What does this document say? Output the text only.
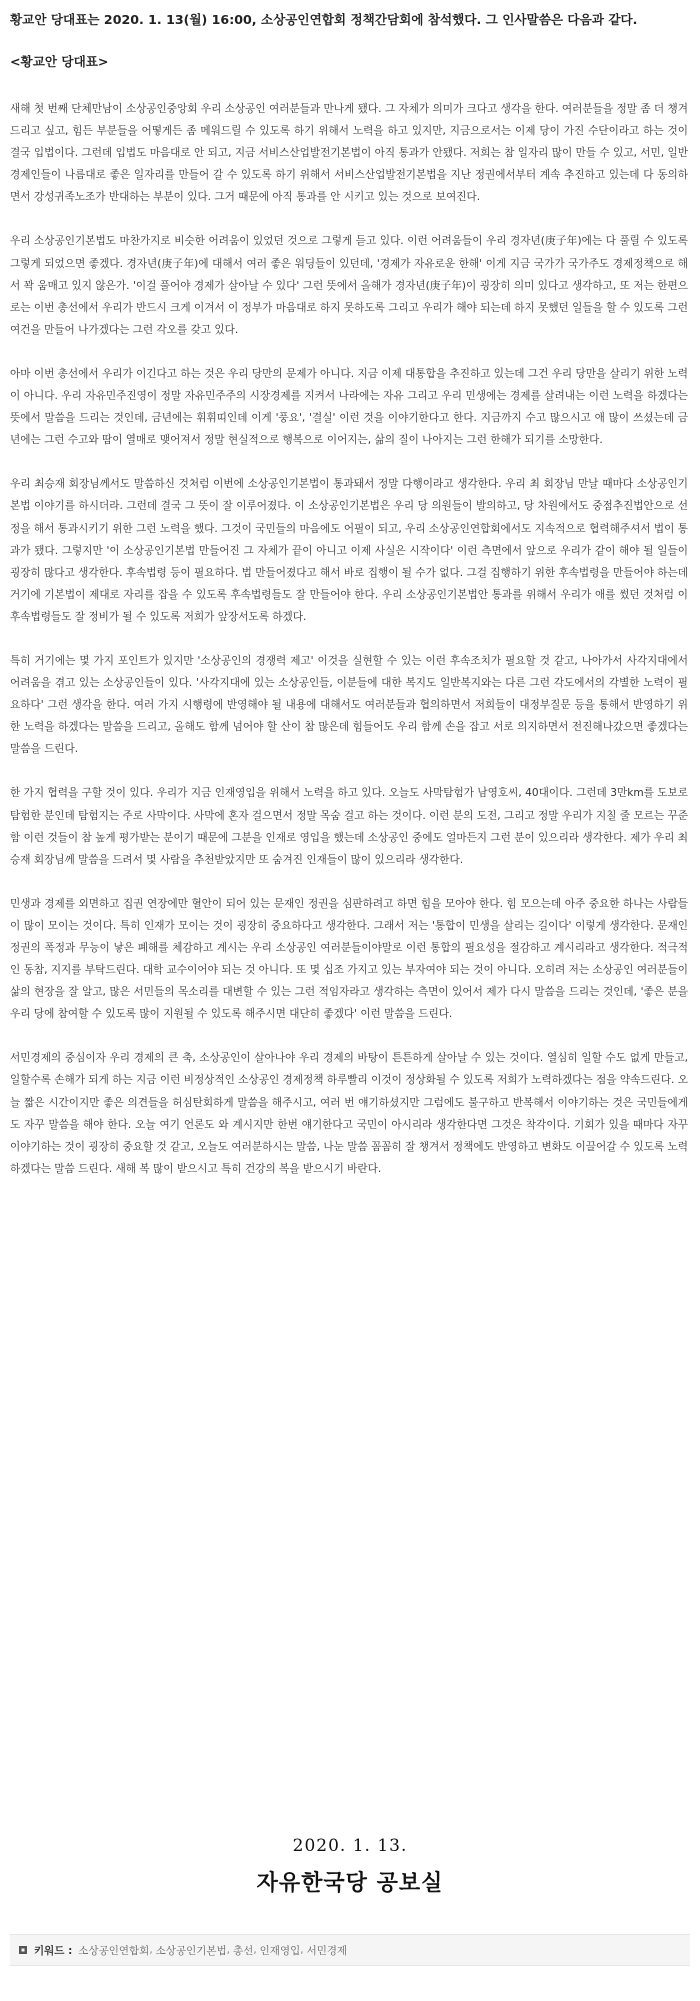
황교안 당대표는 2020. 1. 13(월) 16:00, 소상공인연합회 정책간담회에 참석했다. 그 인사말씀은 다음과 같다.

<황교안 당대표>

새해 첫 번째 단체만남이 소상공인중앙회 우리 소상공인 여러분들과 만나게 됐다. 그 자체가 의미가 크다고 생각을 한다. 여러분들을 정말 좀 더 챙겨드리고 싶고, 힘든 부분들을 어떻게든 좀 메워드릴 수 있도록 하기 위해서 노력을 하고 있지만, 지금으로서는 이제 당이 가진 수단이라고 하는 것이 결국 입법이다. 그런데 입법도 마음대로 안 되고, 지금 서비스산업발전기본법이 아직 통과가 안됐다. 저희는 참 일자리 많이 만들 수 있고, 서민, 일반 경제인들이 나름대로 좋은 일자리를 만들어 갈 수 있도록 하기 위해서 서비스산업발전기본법을 지난 정권에서부터 계속 추진하고 있는데 다 동의하면서 강성귀족노조가 반대하는 부분이 있다. 그거 때문에 아직 통과를 안 시키고 있는 것으로 보여진다.

우리 소상공인기본법도 마찬가지로 비슷한 어려움이 있었던 것으로 그렇게 듣고 있다. 이런 어려움들이 우리 경자년(庚子年)에는 다 풀릴 수 있도록 그렇게 되었으면 좋겠다. 경자년(庚子年)에 대해서 여러 좋은 워딩들이 있던데, '경제가 자유로운 한해' 이게 지금 국가가 국가주도 경제정책으로 해서 꽉 움매고 있지 않은가. '이걸 풀어야 경제가 살아날 수 있다' 그런 뜻에서 올해가 경자년(庚子年)이 굉장히 의미 있다고 생각하고, 또 저는 한편으로는 이번 총선에서 우리가 반드시 크게 이겨서 이 정부가 마음대로 하지 못하도록 그리고 우리가 해야 되는데 하지 못했던 일들을 할 수 있도록 그런 여건을 만들어 나가겠다는 그런 각오를 갖고 있다.

아마 이번 총선에서 우리가 이긴다고 하는 것은 우리 당만의 문제가 아니다. 지금 이제 대통합을 추진하고 있는데 그건 우리 당만을 살리기 위한 노력이 아니다. 우리 자유민주진영이 정말 자유민주주의 시장경제를 지켜서 나라에는 자유 그리고 우리 민생에는 경제를 살려내는 이런 노력을 하겠다는 뜻에서 말씀을 드리는 것인데, 금년에는 휘휘띠인데 이게 '풍요', '결실' 이런 것을 이야기한다고 한다. 지금까지 수고 많으시고 애 많이 쓰셨는데 금년에는 그런 수고와 땀이 열매로 맺어져서 정말 현실적으로 행복으로 이어지는, 삶의 질이 나아지는 그런 한해가 되기를 소망한다.

우리 최승재 회장님께서도 말씀하신 것처럼 이번에 소상공인기본법이 통과돼서 정말 다행이라고 생각한다. 우리 최 회장님 만날 때마다 소상공인기본법 이야기를 하시더라. 그런데 결국 그 뜻이 잘 이루어졌다. 이 소상공인기본법은 우리 당 의원들이 발의하고, 당 차원에서도 중점추진법안으로 선정을 해서 통과시키기 위한 그런 노력을 했다. 그것이 국민들의 마음에도 어필이 되고, 우리 소상공인연합회에서도 지속적으로 협력해주셔서 법이 통과가 됐다. 그렇지만 '이 소상공인기본법 만들어진 그 자체가 끝이 아니고 이제 사실은 시작이다' 이런 측면에서 앞으로 우리가 같이 해야 될 일들이 굉장히 많다고 생각한다. 후속법령 등이 필요하다. 법 만들어졌다고 해서 바로 집행이 될 수가 없다. 그걸 집행하기 위한 후속법령을 만들어야 하는데 거기에 기본법이 제대로 자리를 잡을 수 있도록 후속법령들도 잘 만들어야 한다. 우리 소상공인기본법안 통과를 위해서 우리가 애를 썼던 것처럼 이 후속법령들도 잘 정비가 될 수 있도록 저희가 앞장서도록 하겠다.

특히 거기에는 몇 가지 포인트가 있지만 '소상공인의 경쟁력 제고' 이것을 실현할 수 있는 이런 후속조치가 필요할 것 같고, 나아가서 사각지대에서 어려움을 겪고 있는 소상공인들이 있다. '사각지대에 있는 소상공인들, 이분들에 대한 복지도 일반복지와는 다른 그런 각도에서의 각별한 노력이 필요하다' 그런 생각을 한다. 여러 가지 시행령에 반영해야 될 내용에 대해서도 여러분들과 협의하면서 저희들이 대정부질문 등을 통해서 반영하기 위한 노력을 하겠다는 말씀을 드리고, 올해도 함께 넘어야 할 산이 참 많은데 힘들어도 우리 함께 손을 잡고 서로 의지하면서 전진해나갔으면 좋겠다는 말씀을 드린다.

한 가지 협력을 구할 것이 있다. 우리가 지금 인재영입을 위해서 노력을 하고 있다. 오늘도 사막탐험가 남영호씨, 40대이다. 그런데 3만km를 도보로 탐험한 분인데 탐험지는 주로 사막이다. 사막에 혼자 걸으면서 정말 목숨 걸고 하는 것이다. 이런 분의 도전, 그리고 정말 우리가 지칠 줄 모르는 꾸준함 이런 것들이 참 높게 평가받는 분이기 때문에 그분을 인재로 영입을 했는데 소상공인 중에도 얼마든지 그런 분이 있으리라 생각한다. 제가 우리 최승재 회장님께 말씀을 드려서 몇 사람을 추천받았지만 또 숨겨진 인재들이 많이 있으리라 생각한다.

민생과 경제를 외면하고 집권 연장에만 혈안이 되어 있는 문재인 정권을 심판하려고 하면 힘을 모아야 한다. 힘 모으는데 아주 중요한 하나는 사람들이 많이 모이는 것이다. 특히 인재가 모이는 것이 굉장히 중요하다고 생각한다. 그래서 저는 '통합이 민생을 살리는 길이다' 이렇게 생각한다. 문재인 정권의 폭정과 무능이 낳은 폐해를 체감하고 계시는 우리 소상공인 여러분들이야말로 이런 통합의 필요성을 절감하고 계시리라고 생각한다. 적극적인 동참, 지지를 부탁드린다. 대학 교수이어야 되는 것 아니다. 또 몇 십조 가지고 있는 부자여야 되는 것이 아니다. 오히려 저는 소상공인 여러분들이 삶의 현장을 잘 알고, 많은 서민들의 목소리를 대변할 수 있는 그런 적임자라고 생각하는 측면이 있어서 제가 다시 말씀을 드리는 것인데, '좋은 분을 우리 당에 참여할 수 있도록 많이 지원될 수 있도록 해주시면 대단히 좋겠다' 이런 말씀을 드린다.

서민경제의 중심이자 우리 경제의 큰 축, 소상공인이 살아나야 우리 경제의 바탕이 튼튼하게 살아날 수 있는 것이다. 열심히 일할 수도 없게 만들고, 일할수록 손해가 되게 하는 지금 이런 비정상적인 소상공인 경제정책 하루빨리 이것이 정상화될 수 있도록 저희가 노력하겠다는 점을 약속드린다. 오늘 짧은 시간이지만 좋은 의견들을 허심탄회하게 말씀을 해주시고, 여러 번 얘기하셨지만 그럼에도 불구하고 반복해서 이야기하는 것은 국민들에게도 자꾸 말씀을 해야 한다. 오늘 여기 언론도 와 계시지만 한번 얘기한다고 국민이 아시리라 생각한다면 그것은 착각이다. 기회가 있을 때마다 자꾸 이야기하는 것이 굉장히 중요할 것 같고, 오늘도 여러분하시는 말씀, 나눈 말씀 꼼꼼히 잘 챙겨서 정책에도 반영하고 변화도 이끌어갈 수 있도록 노력하겠다는 말씀 드린다. 새해 복 많이 받으시고 특히 건강의 복을 받으시기 바란다.

2020. 1. 13.
자유한국당 공보실
키워드 : 소상공인연합회 , 소상공인기본법 , 총선 , 인재영입 , 서민경제
